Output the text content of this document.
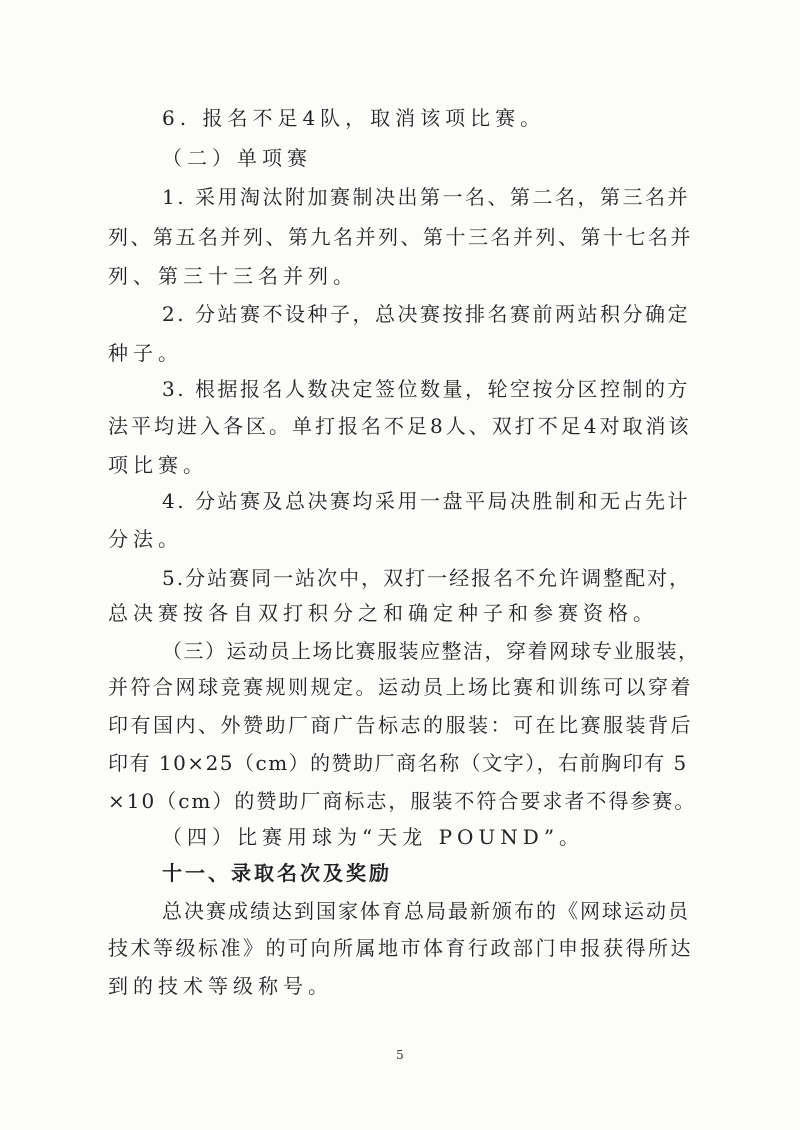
6. 报名不足4队，取消该项比赛。
（二）单项赛
1. 采用淘汰附加赛制决出第一名、第二名，第三名并
列、第五名并列、第九名并列、第十三名并列、第十七名并
列、第三十三名并列。
2. 分站赛不设种子，总决赛按排名赛前两站积分确定
种子。
3. 根据报名人数决定签位数量，轮空按分区控制的方
法平均进入各区。单打报名不足8人、双打不足4对取消该
项比赛。
4. 分站赛及总决赛均采用一盘平局决胜制和无占先计
分法。
5.分站赛同一站次中，双打一经报名不允许调整配对，
总决赛按各自双打积分之和确定种子和参赛资格。
（三）运动员上场比赛服装应整洁，穿着网球专业服装，
并符合网球竞赛规则规定。运动员上场比赛和训练可以穿着
印有国内、外赞助厂商广告标志的服装：可在比赛服装背后
印有 10×25（cm）的赞助厂商名称（文字），右前胸印有 5
×10（cm）的赞助厂商标志，服装不符合要求者不得参赛。
（四）比赛用球为“天龙 POUND”。
十一、录取名次及奖励
总决赛成绩达到国家体育总局最新颁布的《网球运动员
技术等级标准》的可向所属地市体育行政部门申报获得所达
到的技术等级称号。
5
